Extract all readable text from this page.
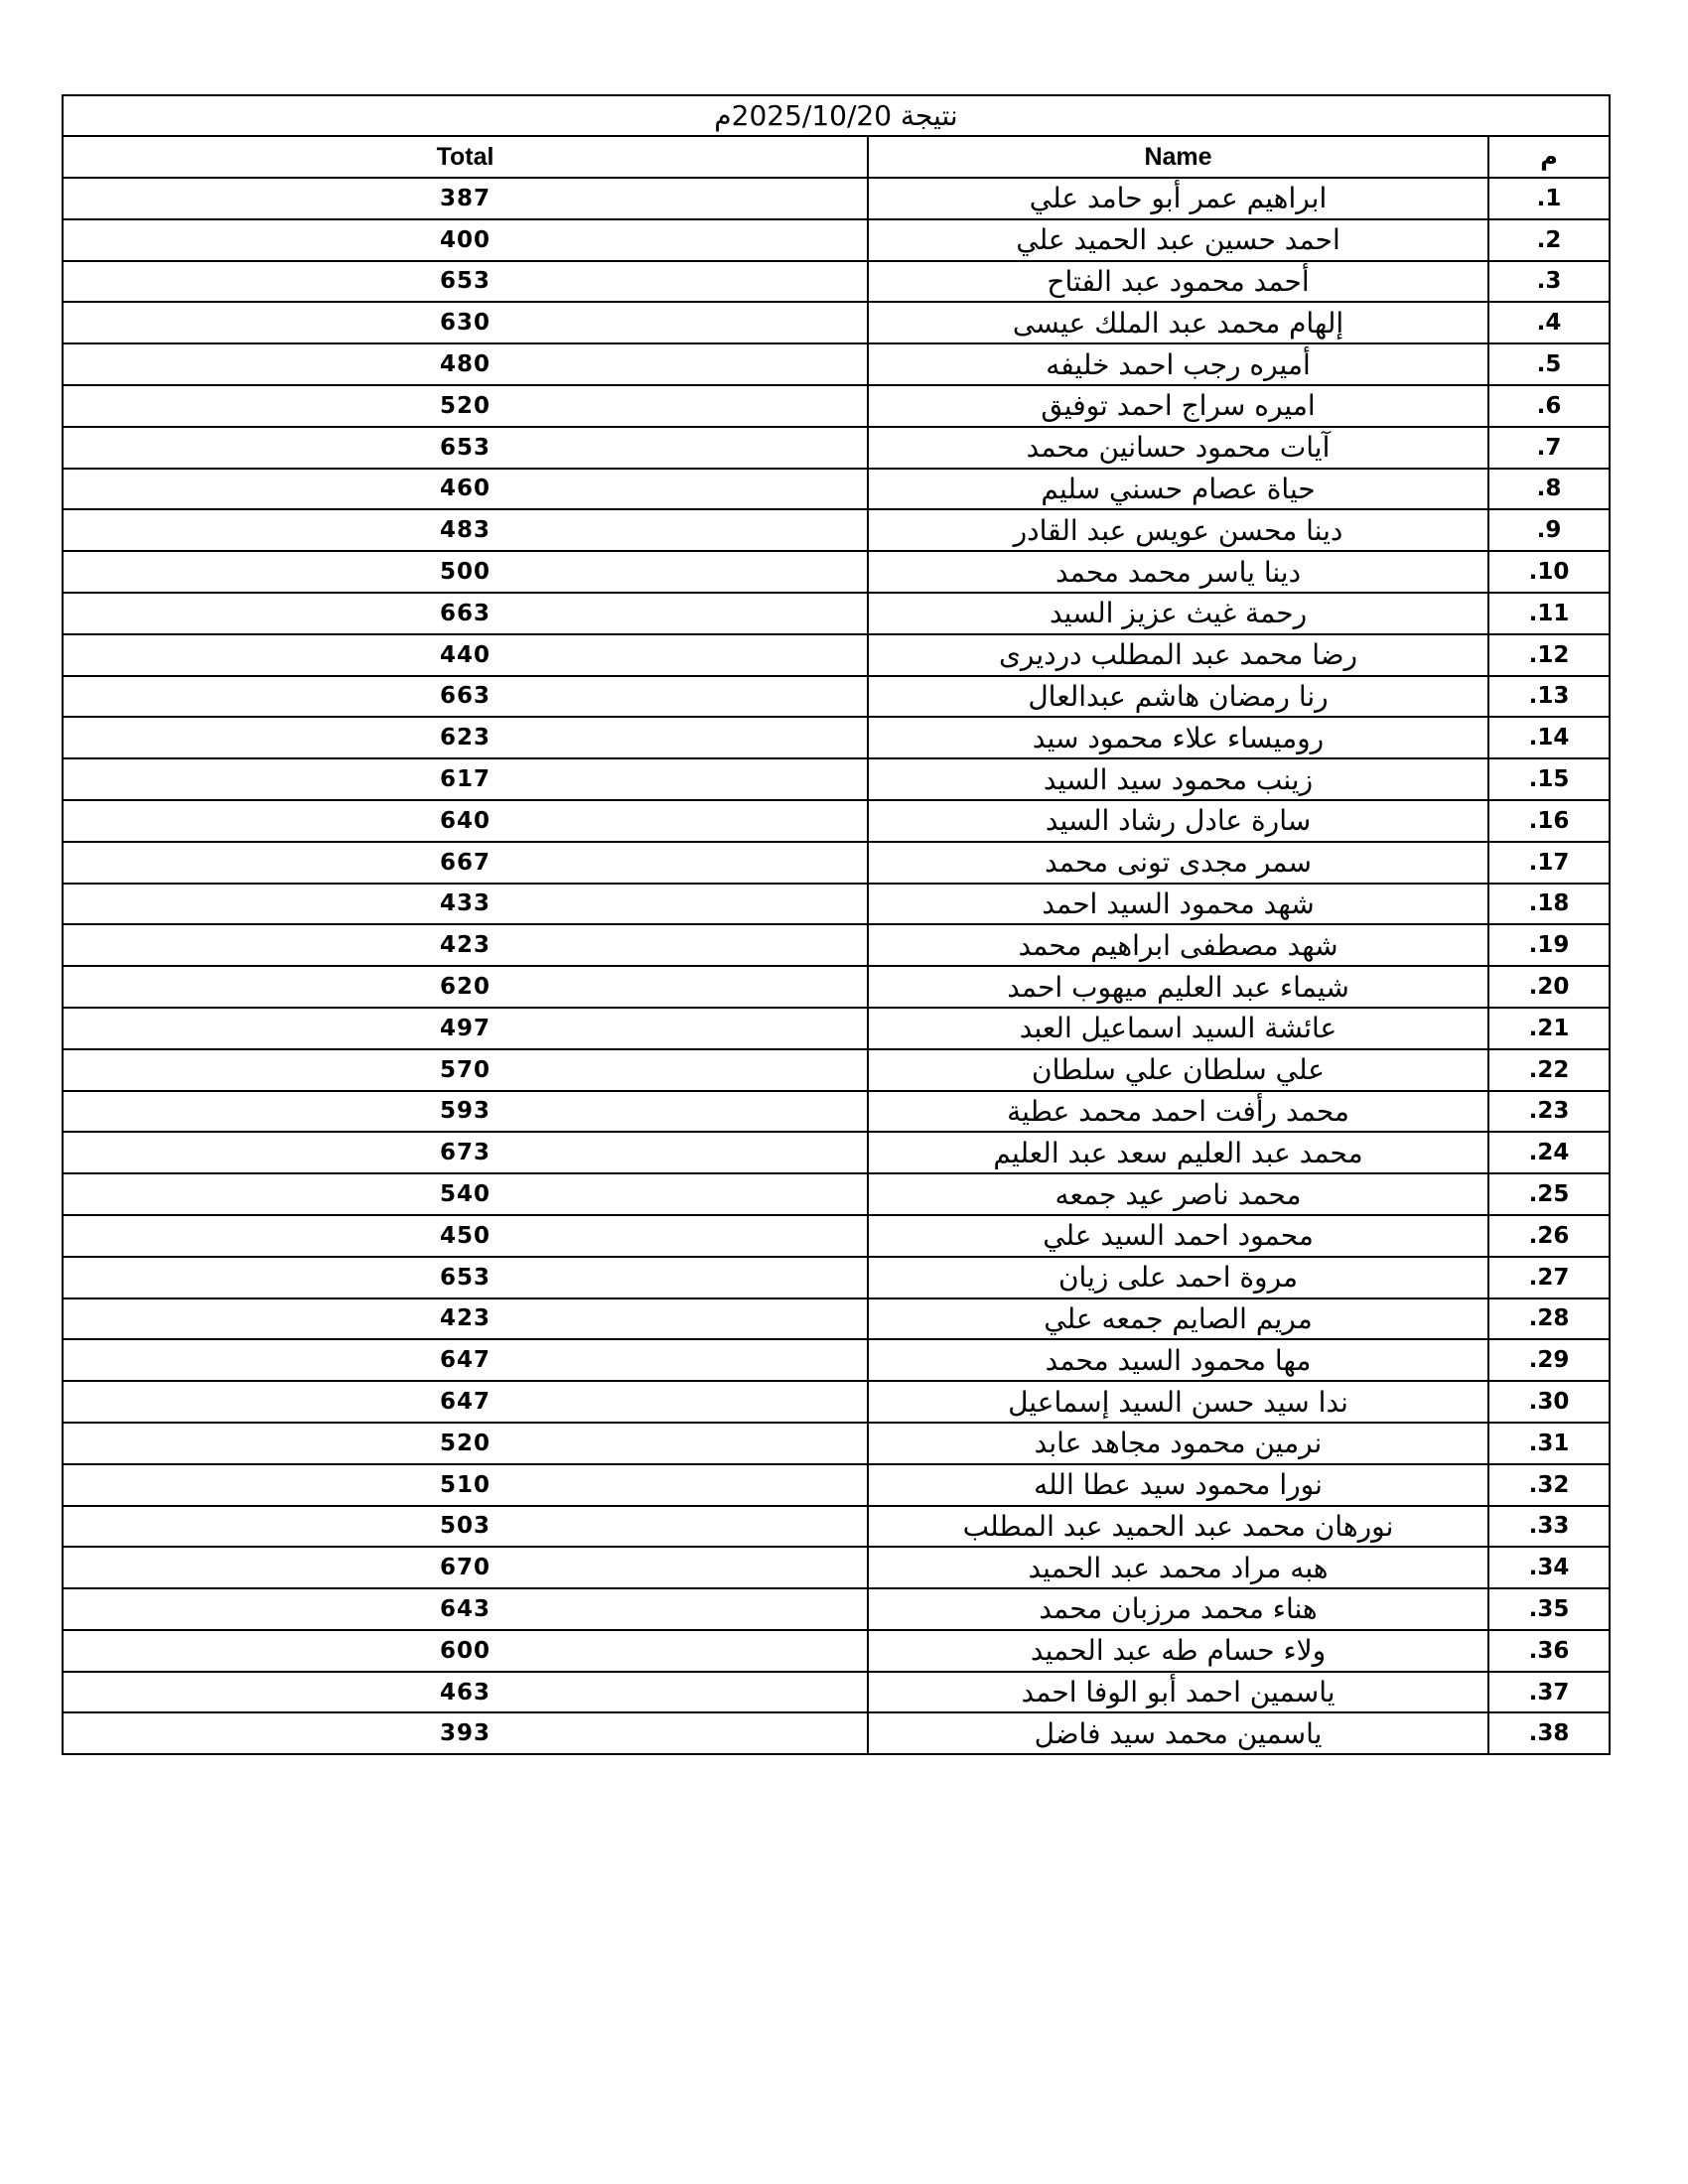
نتيجة 2025/10/20م		
م	Name	Total
.1	ابراهيم عمر أبو حامد علي	387
.2	احمد حسين عبد الحميد علي	400
.3	أحمد محمود عبد الفتاح	653
.4	إلهام محمد عبد الملك عيسى	630
.5	أميره رجب احمد خليفه	480
.6	اميره سراج احمد توفيق	520
.7	آيات محمود حسانين محمد	653
.8	حياة عصام حسني سليم	460
.9	دينا محسن عويس عبد القادر	483
.10	دينا ياسر محمد محمد	500
.11	رحمة غيث عزيز السيد	663
.12	رضا محمد عبد المطلب درديرى	440
.13	رنا رمضان هاشم عبدالعال	663
.14	روميساء علاء محمود سيد	623
.15	زينب محمود سيد السيد	617
.16	سارة عادل رشاد السيد	640
.17	سمر مجدى تونى محمد	667
.18	شهد محمود السيد احمد	433
.19	شهد مصطفى ابراهيم محمد	423
.20	شيماء عبد العليم ميهوب احمد	620
.21	عائشة السيد اسماعيل العبد	497
.22	علي سلطان علي سلطان	570
.23	محمد رأفت احمد محمد عطية	593
.24	محمد عبد العليم سعد عبد العليم	673
.25	محمد ناصر عيد جمعه	540
.26	محمود احمد السيد علي	450
.27	مروة احمد على زيان	653
.28	مريم الصايم جمعه علي	423
.29	مها محمود السيد محمد	647
.30	ندا سيد حسن السيد إسماعيل	647
.31	نرمين محمود مجاهد عابد	520
.32	نورا محمود سيد عطا الله	510
.33	نورهان محمد عبد الحميد عبد المطلب	503
.34	هبه مراد محمد عبد الحميد	670
.35	هناء محمد مرزبان محمد	643
.36	ولاء حسام طه عبد الحميد	600
.37	ياسمين احمد أبو الوفا احمد	463
.38	ياسمين محمد سيد فاضل	393
